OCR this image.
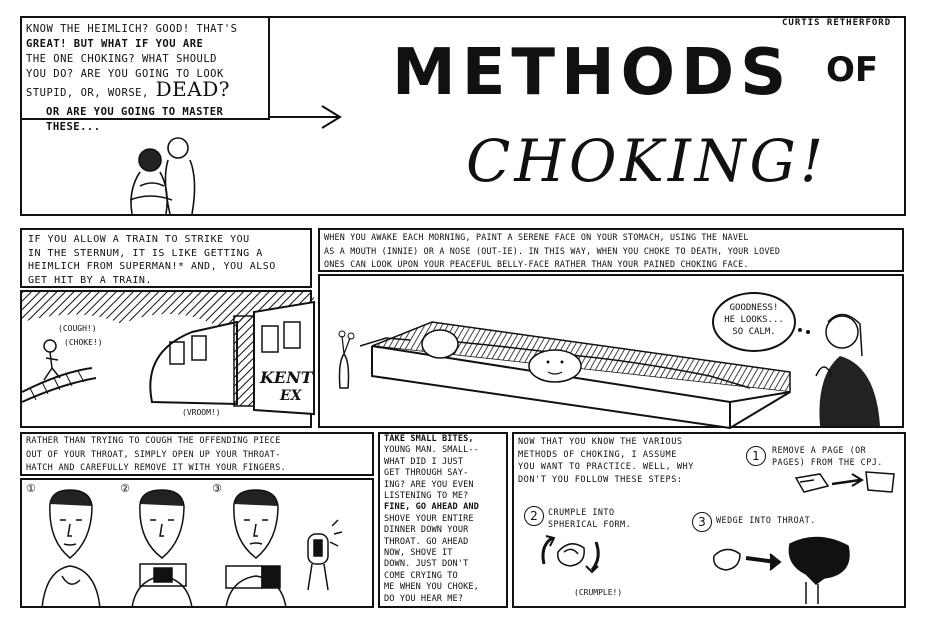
KNOW THE HEIMLICH? GOOD! THAT'S
GREAT! BUT WHAT IF YOU ARE
THE ONE CHOKING? WHAT SHOULD
YOU DO? ARE YOU GOING TO LOOK
STUPID, OR, WORSE, DEAD?
OR ARE YOU GOING TO MASTER THESE...
CURTIS RETHERFORD
METHODS OF
CHOKING!
IF YOU ALLOW A TRAIN TO STRIKE YOU
IN THE STERNUM, IT IS LIKE GETTING A
HEIMLICH FROM SUPERMAN!* AND, YOU ALSO
GET HIT BY A TRAIN.
(COUGH!)
(CHOKE!)
(VROOM!)
KENT
EX
WHEN YOU AWAKE EACH MORNING, PAINT A SERENE FACE ON YOUR STOMACH, USING THE NAVEL
AS A MOUTH (INNIE) OR A NOSE (OUT-IE). IN THIS WAY, WHEN YOU CHOKE TO DEATH, YOUR LOVED
ONES CAN LOOK UPON YOUR PEACEFUL BELLY-FACE RATHER THAN YOUR PAINED CHOKING FACE.
GOODNESS!
HE LOOKS...
SO CALM.
RATHER THAN TRYING TO COUGH THE OFFENDING PIECE
OUT OF YOUR THROAT, SIMPLY OPEN UP YOUR THROAT-
HATCH AND CAREFULLY REMOVE IT WITH YOUR FINGERS.
①	②	③
TAKE SMALL BITES,
YOUNG MAN. SMALL--
WHAT DID I JUST
GET THROUGH SAY-
ING? ARE YOU EVEN
LISTENING TO ME?
FINE, GO AHEAD AND
SHOVE YOUR ENTIRE
DINNER DOWN YOUR
THROAT. GO AHEAD
NOW, SHOVE IT
DOWN. JUST DON'T
COME CRYING TO
ME WHEN YOU CHOKE,
DO YOU HEAR ME?
NOW THAT YOU KNOW THE VARIOUS
METHODS OF CHOKING, I ASSUME
YOU WANT TO PRACTICE. WELL, WHY
DON'T YOU FOLLOW THESE STEPS:
1	REMOVE A PAGE (OR
PAGES) FROM THE CPJ.
2	CRUMPLE INTO
SPHERICAL FORM.	3	WEDGE INTO THROAT.
(CRUMPLE!)
